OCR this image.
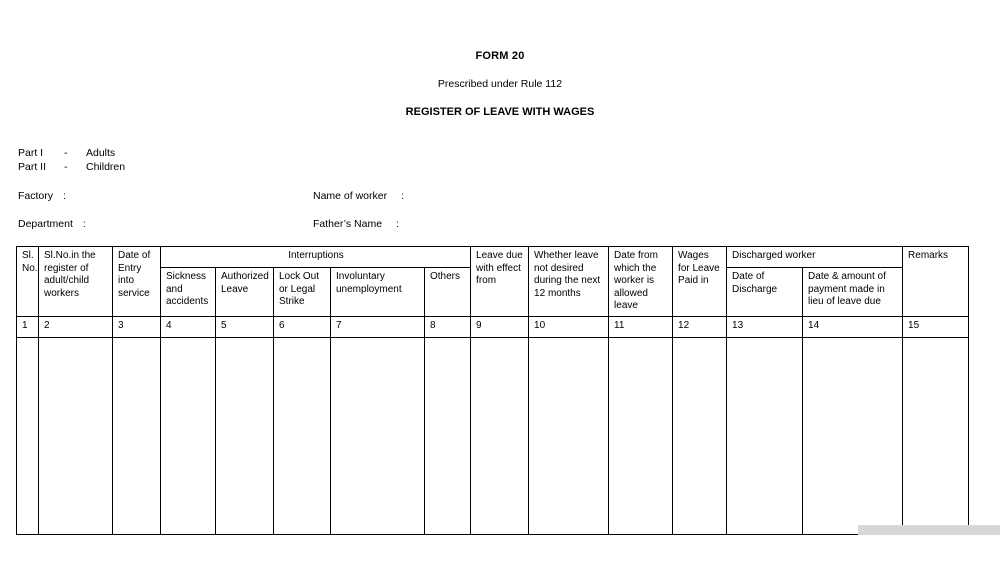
FORM 20
Prescribed under Rule 112
REGISTER OF LEAVE WITH WAGES
Part I	-	Adults
Part II	-	Children
Factory :	Name of worker :
Department :	Father’s Name :
Sl. No.	Sl.No.in the register of adult/child workers	Date of Entry into service	Interruptions					Leave due with effect from	Whether leave not desired during the next 12 months	Date from which the worker is allowed leave	Wages for Leave Paid in	Discharged worker		Remarks
			Sickness and accidents	Authorized Leave	Lock Out or Legal Strike	Involuntary unemployment	Others					Date of Discharge	Date & amount of payment made in lieu of leave due	
1	2	3	4	5	6	7	8	9	10	11	12	13	14	15
